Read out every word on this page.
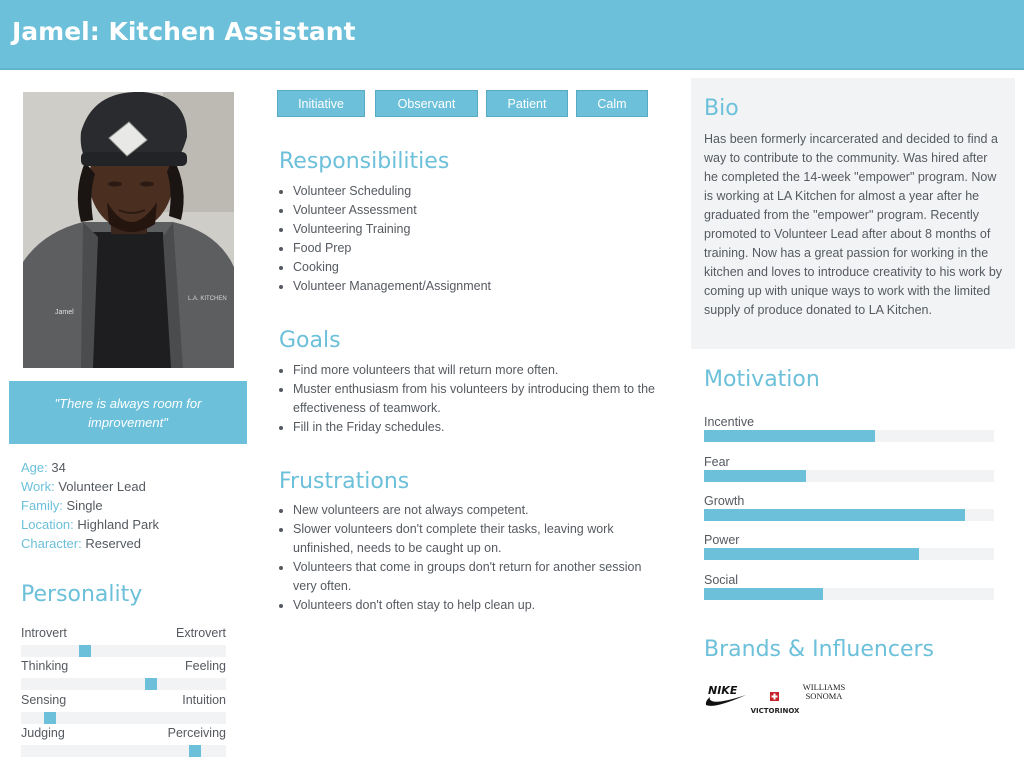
Jamel: Kitchen Assistant
Jamel
L.A. KITCHEN
"There is always room for improvement"
Age: 34
Work: Volunteer Lead
Family: Single
Location: Highland Park
Character: Reserved
Personality
Introvert	Extrovert
Thinking	Feeling
Sensing	Intuition
Judging	Perceiving
Initiative	Observant	Patient	Calm
Responsibilities
• Volunteer Scheduling
• Volunteer Assessment
• Volunteering Training
• Food Prep
• Cooking
• Volunteer Management/Assignment
Goals
• Find more volunteers that will return more often.
• Muster enthusiasm from his volunteers by introducing them to the effectiveness of teamwork.
• Fill in the Friday schedules.
Frustrations
• New volunteers are not always competent.
• Slower volunteers don't complete their tasks, leaving work unfinished, needs to be caught up on.
• Volunteers that come in groups don't return for another session very often.
• Volunteers don't often stay to help clean up.
Bio
Has been formerly incarcerated and decided to find a way to contribute to the community. Was hired after he completed the 14-week "empower" program. Now is working at LA Kitchen for almost a year after he graduated from the "empower" program. Recently promoted to Volunteer Lead after about 8 months of training. Now has a great passion for working in the kitchen and loves to introduce creativity to his work by coming up with unique ways to work with the limited supply of produce donated to LA Kitchen.
Motivation
Incentive
Fear
Growth
Power
Social
Brands & Influencers
NIKE
VICTORINOX
WILLIAMS SONOMA
